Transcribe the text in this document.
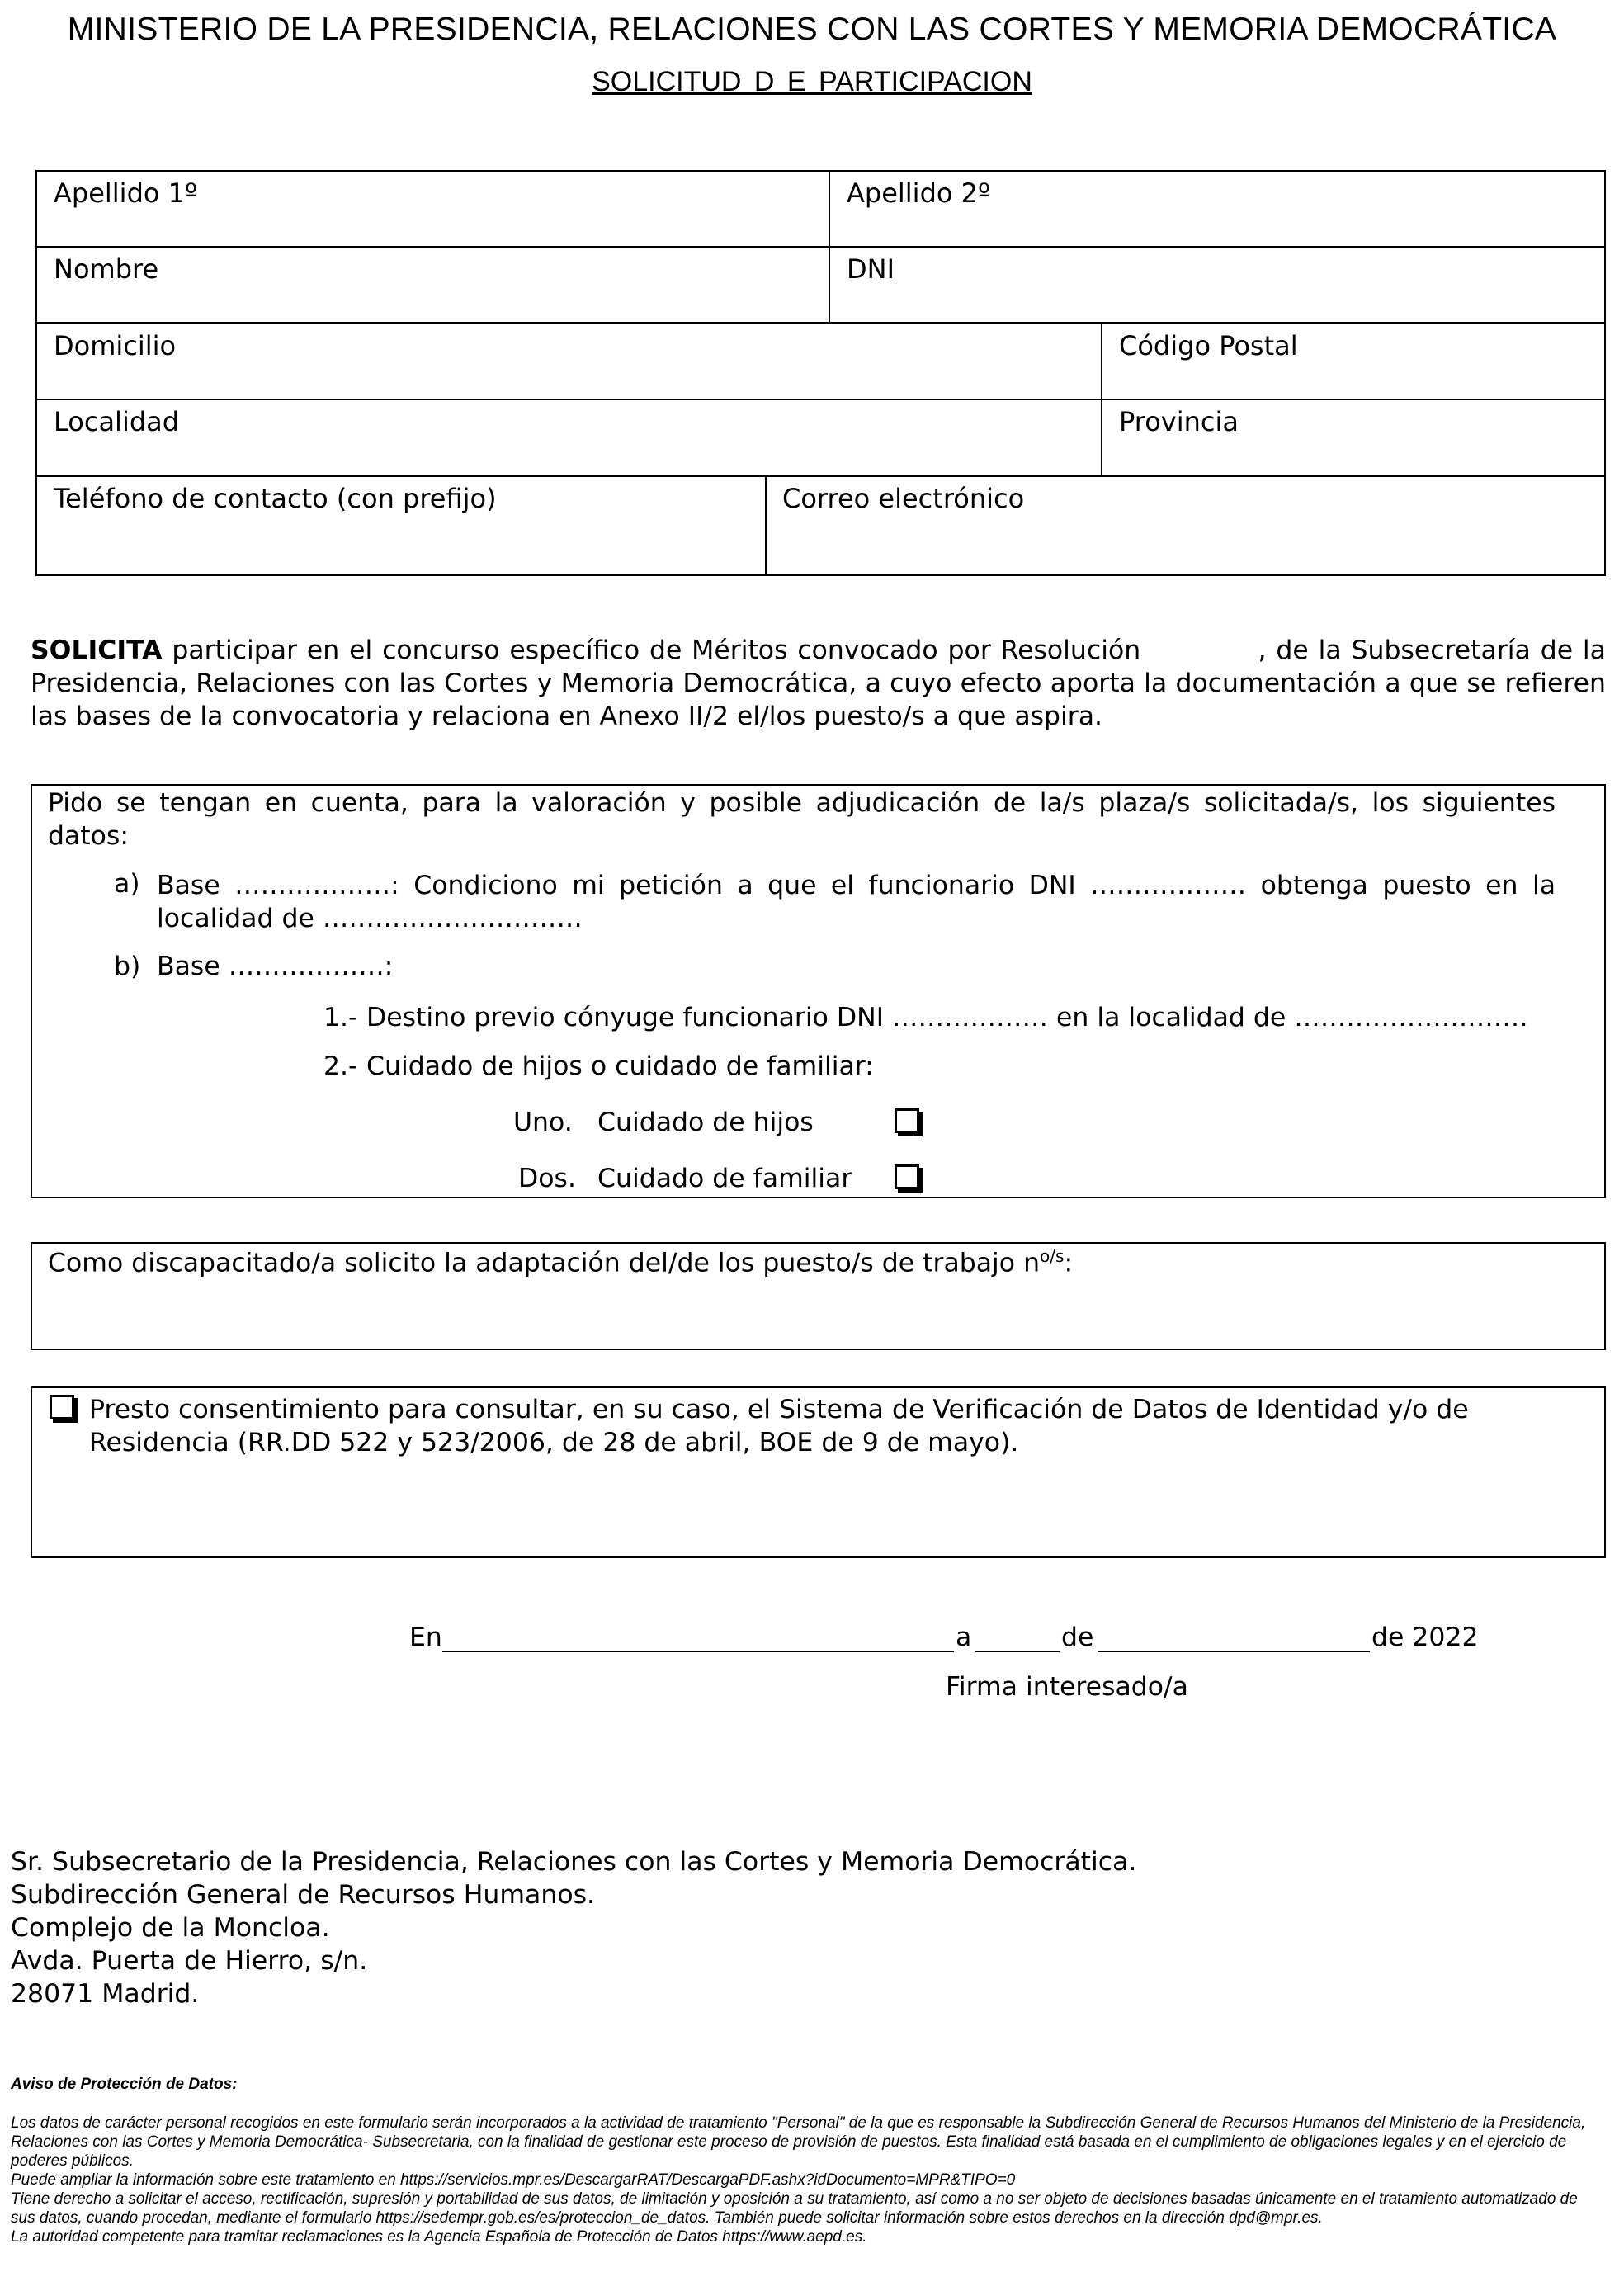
MINISTERIO DE LA PRESIDENCIA, RELACIONES CON LAS CORTES Y MEMORIA DEMOCRÁTICA
SOLICITUD D E PARTICIPACION
Apellido 1º	Apellido 2º
Nombre	DNI
Domicilio	Código Postal
Localidad	Provincia
Teléfono de contacto (con prefijo)	Correo electrónico
SOLICITA participar en el concurso específico de Méritos convocado por Resolución            , de la Subsecretaría de la Presidencia, Relaciones con las Cortes y Memoria Democrática, a cuyo efecto aporta la documentación a que se refieren las bases de la convocatoria y relaciona en Anexo II/2 el/los puesto/s a que aspira.
Pido se tengan en cuenta, para la valoración y posible adjudicación de la/s plaza/s solicitada/s, los siguientes datos:
a) Base ………………: Condiciono mi petición a que el funcionario DNI ……………… obtenga puesto en la localidad de …………………………
b) Base ………………:
1.- Destino previo cónyuge funcionario DNI ……………… en la localidad de ………………………
2.- Cuidado de hijos o cuidado de familiar:
Uno. Cuidado de hijos
Dos. Cuidado de familiar
Como discapacitado/a solicito la adaptación del/de los puesto/s de trabajo $n^{o/s}$:
Presto consentimiento para consultar, en su caso, el Sistema de Verificación de Datos de Identidad y/o de Residencia (RR.DD 522 y 523/2006, de 28 de abril, BOE de 9 de mayo).
En	a	de	de 2022
Firma interesado/a
Sr. Subsecretario de la Presidencia, Relaciones con las Cortes y Memoria Democrática.
Subdirección General de Recursos Humanos.
Complejo de la Moncloa.
Avda. Puerta de Hierro, s/n.
28071 Madrid.
Aviso de Protección de Datos:
Los datos de carácter personal recogidos en este formulario serán incorporados a la actividad de tratamiento "Personal" de la que es responsable la Subdirección General de Recursos Humanos del Ministerio de la Presidencia, Relaciones con las Cortes y Memoria Democrática- Subsecretaria, con la finalidad de gestionar este proceso de provisión de puestos. Esta finalidad está basada en el cumplimiento de obligaciones legales y en el ejercicio de poderes públicos.
Puede ampliar la información sobre este tratamiento en https://servicios.mpr.es/DescargarRAT/DescargaPDF.ashx?idDocumento=MPR&TIPO=0
Tiene derecho a solicitar el acceso, rectificación, supresión y portabilidad de sus datos, de limitación y oposición a su tratamiento, así como a no ser objeto de decisiones basadas únicamente en el tratamiento automatizado de sus datos, cuando procedan, mediante el formulario https://sedempr.gob.es/es/proteccion_de_datos. También puede solicitar información sobre estos derechos en la dirección dpd@mpr.es.
La autoridad competente para tramitar reclamaciones es la Agencia Española de Protección de Datos https://www.aepd.es.
